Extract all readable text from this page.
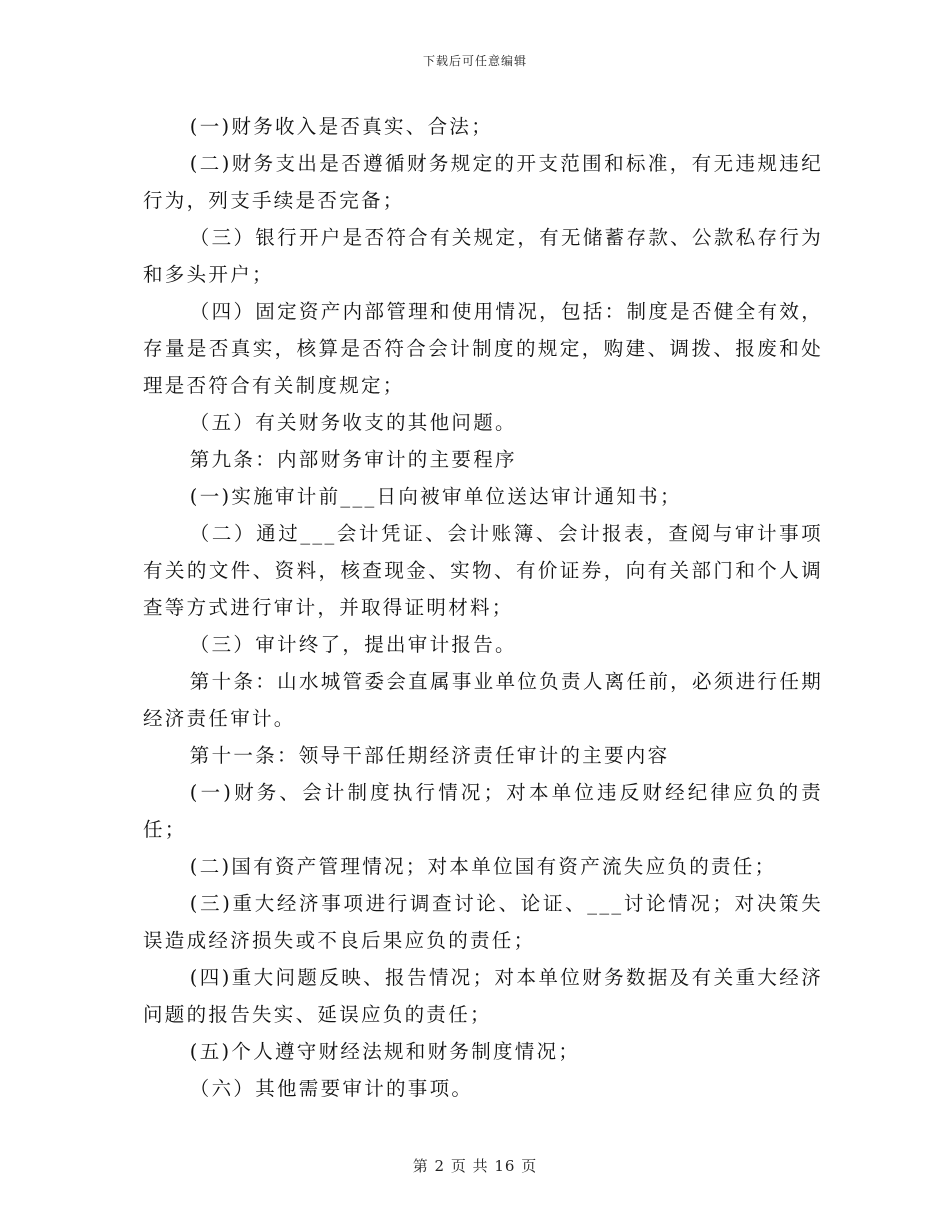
下载后可任意编辑

(一)财务收入是否真实、合法；

(二)财务支出是否遵循财务规定的开支范围和标准，有无违规违纪行为，列支手续是否完备；

（三）银行开户是否符合有关规定，有无储蓄存款、公款私存行为和多头开户；

（四）固定资产内部管理和使用情况，包括：制度是否健全有效，存量是否真实，核算是否符合会计制度的规定，购建、调拨、报废和处理是否符合有关制度规定；

（五）有关财务收支的其他问题。

第九条：内部财务审计的主要程序

(一)实施审计前___日向被审单位送达审计通知书；

（二）通过___会计凭证、会计账簿、会计报表，查阅与审计事项有关的文件、资料，核查现金、实物、有价证券，向有关部门和个人调查等方式进行审计，并取得证明材料；

（三）审计终了，提出审计报告。

第十条：山水城管委会直属事业单位负责人离任前，必须进行任期经济责任审计。

第十一条：领导干部任期经济责任审计的主要内容

(一)财务、会计制度执行情况；对本单位违反财经纪律应负的责任；

(二)国有资产管理情况；对本单位国有资产流失应负的责任；

(三)重大经济事项进行调查讨论、论证、___讨论情况；对决策失误造成经济损失或不良后果应负的责任；

(四)重大问题反映、报告情况；对本单位财务数据及有关重大经济问题的报告失实、延误应负的责任；

(五)个人遵守财经法规和财务制度情况；

（六）其他需要审计的事项。

第 2 页 共 16 页
